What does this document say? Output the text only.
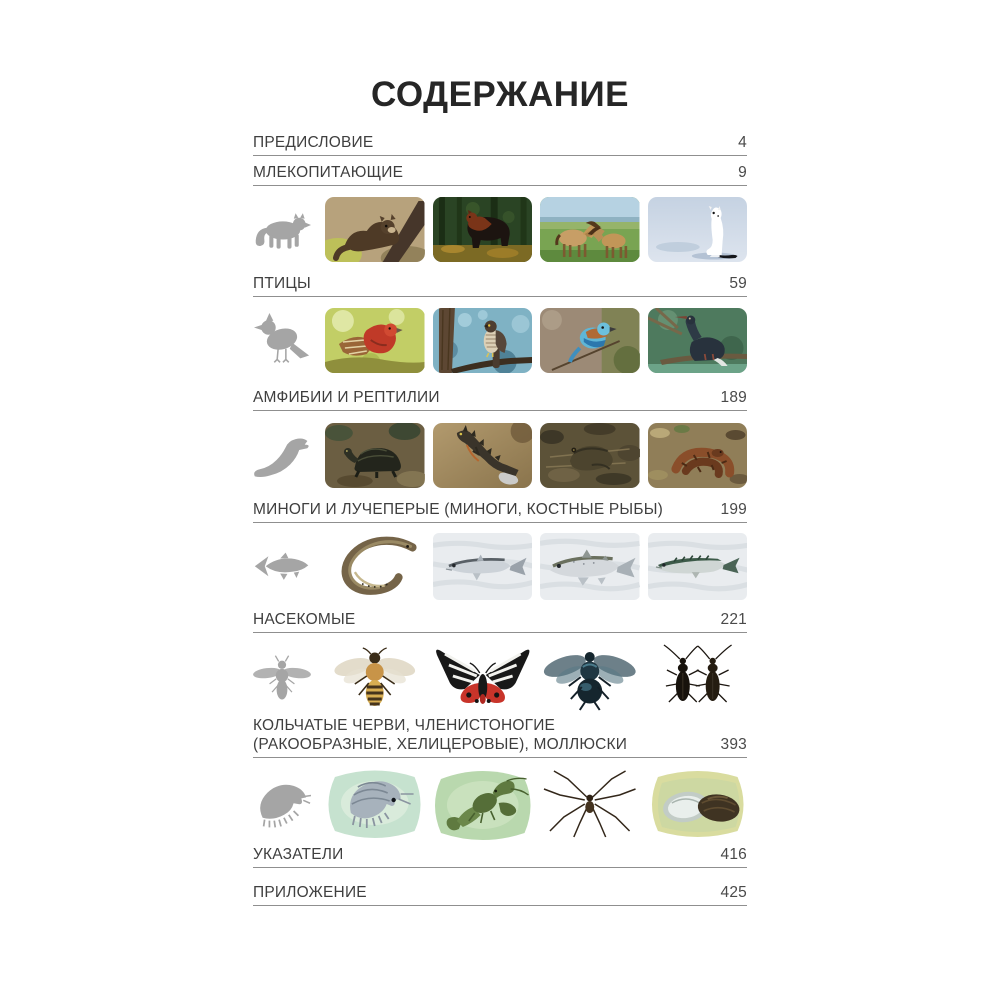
СОДЕРЖАНИЕ
ПРЕДИСЛОВИЕ	4
МЛЕКОПИТАЮЩИЕ	9
ПТИЦЫ	59
АМФИБИИ И РЕПТИЛИИ	189
МИНОГИ И ЛУЧЕПЕРЫЕ (МИНОГИ, КОСТНЫЕ РЫБЫ)	199
НАСЕКОМЫЕ	221
КОЛЬЧАТЫЕ ЧЕРВИ, ЧЛЕНИСТОНОГИЕ
(РАКООБРАЗНЫЕ, ХЕЛИЦЕРОВЫЕ), МОЛЛЮСКИ	393
УКАЗАТЕЛИ	416
ПРИЛОЖЕНИЕ	425
